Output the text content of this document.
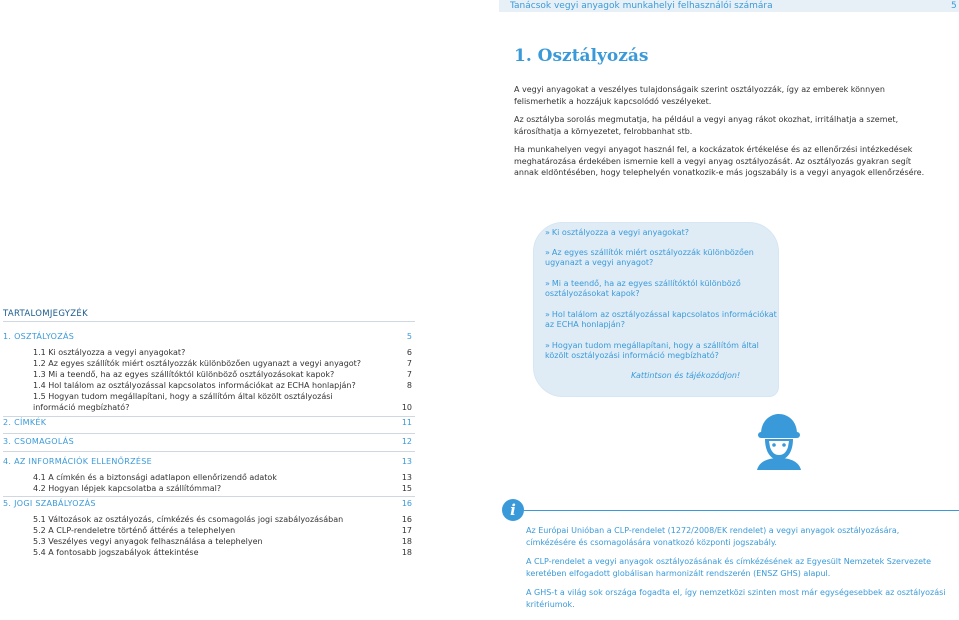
Tanácsok vegyi anyagok munkahelyi felhasználói számára	5
1. Osztályozás

A vegyi anyagokat a veszélyes tulajdonságaik szerint osztályozzák, így az emberek könnyen felismerhetik a hozzájuk kapcsolódó veszélyeket.

Az osztályba sorolás megmutatja, ha például a vegyi anyag rákot okozhat, irritálhatja a szemet, károsíthatja a környezetet, felrobbanhat stb.

Ha munkahelyen vegyi anyagot használ fel, a kockázatok értékelése és az ellenőrzési intézkedések meghatározása érdekében ismernie kell a vegyi anyag osztályozását. Az osztályozás gyakran segít annak eldöntésében, hogy telephelyén vonatkozik-e más jogszabály is a vegyi anyagok ellenőrzésére.

» Ki osztályozza a vegyi anyagokat?
» Az egyes szállítók miért osztályozzák különbözően ugyanazt a vegyi anyagot?
» Mi a teendő, ha az egyes szállítóktól különböző osztályozásokat kapok?
» Hol találom az osztályozással kapcsolatos információkat az ECHA honlapján?
» Hogyan tudom megállapítani, hogy a szállítóm által közölt osztályozási információ megbízható?
Kattintson és tájékozódjon!
TARTALOMJEGYZÉK
1. OSZTÁLYOZÁS	5
1.1 Ki osztályozza a vegyi anyagokat?	6
1.2 Az egyes szállítók miért osztályozzák különbözően ugyanazt a vegyi anyagot?	7
1.3 Mi a teendő, ha az egyes szállítóktól különböző osztályozásokat kapok?	7
1.4 Hol találom az osztályozással kapcsolatos információkat az ECHA honlapján?	8
1.5 Hogyan tudom megállapítani, hogy a szállítóm által közölt osztályozási
információ megbízható?	10
2. CÍMKÉK	11
3. CSOMAGOLÁS	12
4. AZ INFORMÁCIÓK ELLENŐRZÉSE	13
4.1 A címkén és a biztonsági adatlapon ellenőrizendő adatok	13
4.2 Hogyan lépjek kapcsolatba a szállítómmal?	15
5. JOGI SZABÁLYOZÁS	16
5.1 Változások az osztályozás, címkézés és csomagolás jogi szabályozásában	16
5.2 A CLP-rendeletre történő áttérés a telephelyen	17
5.3 Veszélyes vegyi anyagok felhasználása a telephelyen	18
5.4 A fontosabb jogszabályok áttekintése	18
i

Az Európai Unióban a CLP-rendelet (1272/2008/EK rendelet) a vegyi anyagok osztályozására, címkézésére és csomagolására vonatkozó központi jogszabály.

A CLP-rendelet a vegyi anyagok osztályozásának és címkézésének az Egyesült Nemzetek Szervezete keretében elfogadott globálisan harmonizált rendszerén (ENSZ GHS) alapul.

A GHS-t a világ sok országa fogadta el, így nemzetközi szinten most már egységesebbek az osztályozási kritériumok.
